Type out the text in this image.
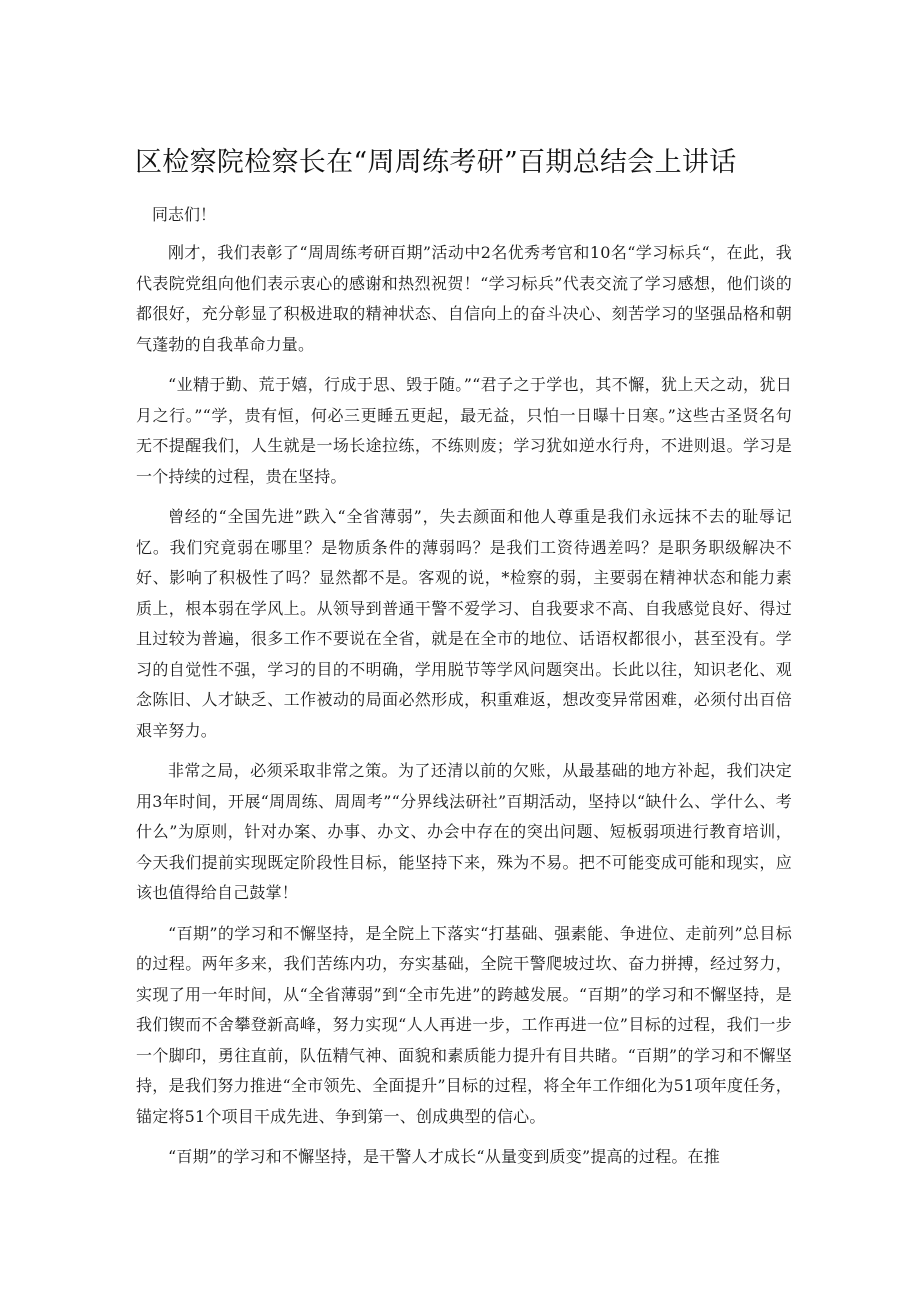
区检察院检察长在“周周练考研”百期总结会上讲话

同志们！

刚才，我们表彰了“周周练考研百期”活动中2名优秀考官和10名“学习标兵“，在此，我代表院党组向他们表示衷心的感谢和热烈祝贺！“学习标兵”代表交流了学习感想，他们谈的都很好，充分彰显了积极进取的精神状态、自信向上的奋斗决心、刻苦学习的坚强品格和朝气蓬勃的自我革命力量。

“业精于勤、荒于嬉，行成于思、毁于随。”“君子之于学也，其不懈，犹上天之动，犹日月之行。”“学，贵有恒，何必三更睡五更起，最无益，只怕一日曝十日寒。”这些古圣贤名句无不提醒我们，人生就是一场长途拉练，不练则废；学习犹如逆水行舟，不进则退。学习是一个持续的过程，贵在坚持。

曾经的“全国先进”跌入“全省薄弱”，失去颜面和他人尊重是我们永远抹不去的耻辱记忆。我们究竟弱在哪里？是物质条件的薄弱吗？是我们工资待遇差吗？是职务职级解决不好、影响了积极性了吗？显然都不是。客观的说，*检察的弱，主要弱在精神状态和能力素质上，根本弱在学风上。从领导到普通干警不爱学习、自我要求不高、自我感觉良好、得过且过较为普遍，很多工作不要说在全省，就是在全市的地位、话语权都很小，甚至没有。学习的自觉性不强，学习的目的不明确，学用脱节等学风问题突出。长此以往，知识老化、观念陈旧、人才缺乏、工作被动的局面必然形成，积重难返，想改变异常困难，必须付出百倍艰辛努力。

非常之局，必须采取非常之策。为了还清以前的欠账，从最基础的地方补起，我们决定用3年时间，开展“周周练、周周考”“分界线法研社”百期活动，坚持以“缺什么、学什么、考什么”为原则，针对办案、办事、办文、办会中存在的突出问题、短板弱项进行教育培训，今天我们提前实现既定阶段性目标，能坚持下来，殊为不易。把不可能变成可能和现实，应该也值得给自己鼓掌！

“百期”的学习和不懈坚持，是全院上下落实“打基础、强素能、争进位、走前列”总目标的过程。两年多来，我们苦练内功，夯实基础，全院干警爬坡过坎、奋力拼搏，经过努力，实现了用一年时间，从“全省薄弱”到“全市先进”的跨越发展。“百期”的学习和不懈坚持，是我们锲而不舍攀登新高峰，努力实现“人人再进一步，工作再进一位”目标的过程，我们一步一个脚印，勇往直前，队伍精气神、面貌和素质能力提升有目共睹。“百期”的学习和不懈坚持，是我们努力推进“全市领先、全面提升”目标的过程，将全年工作细化为51项年度任务，锚定将51个项目干成先进、争到第一、创成典型的信心。

“百期”的学习和不懈坚持，是干警人才成长“从量变到质变”提高的过程。在推
